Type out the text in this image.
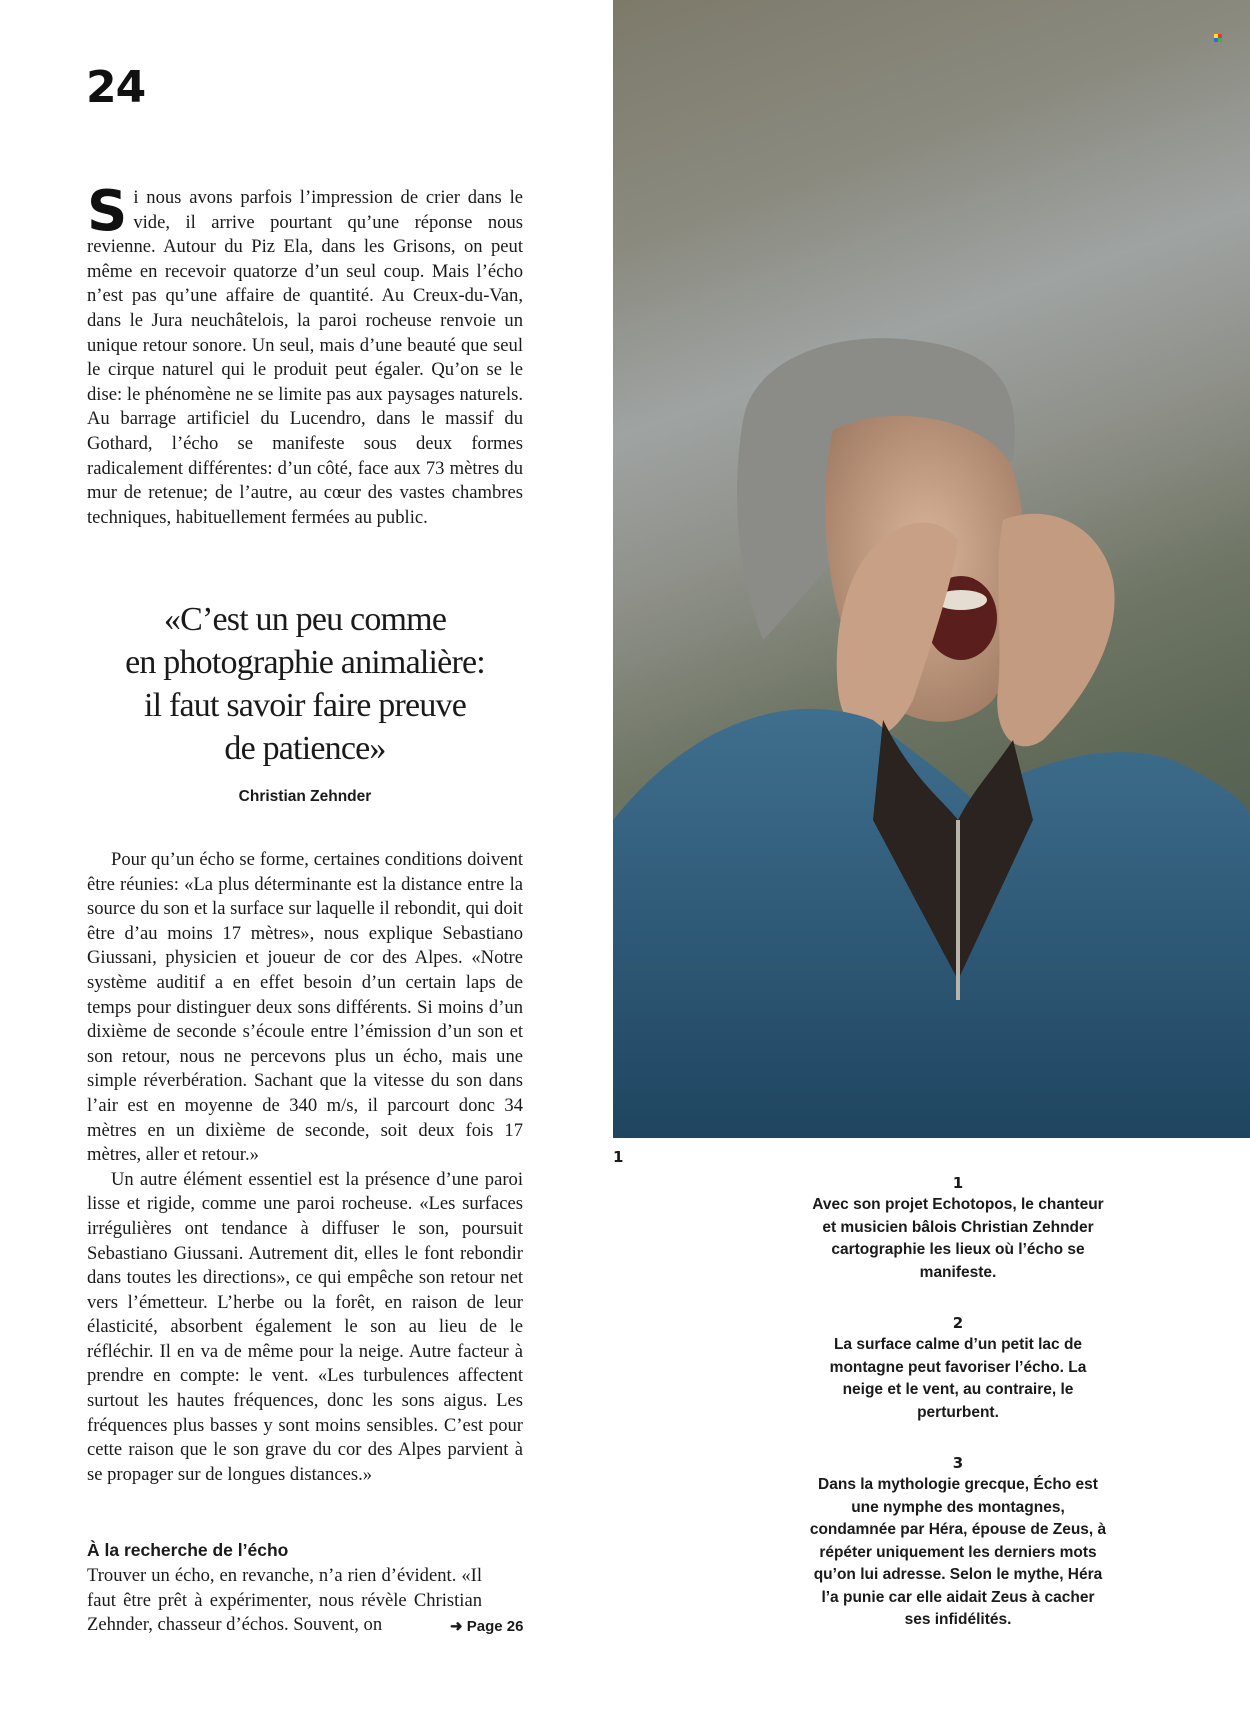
24

Si nous avons parfois l’impression de crier dans le vide, il arrive pourtant qu’une réponse nous revienne. Autour du Piz Ela, dans les Grisons, on peut même en recevoir quatorze d’un seul coup. Mais l’écho n’est pas qu’une affaire de quantité. Au Creux-du-Van, dans le Jura neuchâtelois, la paroi rocheuse renvoie un unique retour sonore. Un seul, mais d’une beauté que seul le cirque naturel qui le produit peut égaler. Qu’on se le dise: le phénomène ne se limite pas aux paysages naturels. Au barrage artificiel du Lucendro, dans le massif du Gothard, l’écho se manifeste sous deux formes radicalement différentes: d’un côté, face aux 73 mètres du mur de retenue; de l’autre, au cœur des vastes chambres techniques, habituellement fermées au public.

«C’est un peu comme
en photographie animalière:
il faut savoir faire preuve
de patience»

Christian Zehnder

Pour qu’un écho se forme, certaines conditions doivent être réunies: «La plus déterminante est la distance entre la source du son et la surface sur laquelle il rebondit, qui doit être d’au moins 17 mètres», nous explique Sebastiano Giussani, physicien et joueur de cor des Alpes. «Notre système auditif a en effet besoin d’un certain laps de temps pour distinguer deux sons différents. Si moins d’un dixième de seconde s’écoule entre l’émission d’un son et son retour, nous ne percevons plus un écho, mais une simple réverbération. Sachant que la vitesse du son dans l’air est en moyenne de 340 m/s, il parcourt donc 34 mètres en un dixième de seconde, soit deux fois 17 mètres, aller et retour.»

Un autre élément essentiel est la présence d’une paroi lisse et rigide, comme une paroi rocheuse. «Les surfaces irrégulières ont tendance à diffuser le son, poursuit Sebastiano Giussani. Autrement dit, elles le font rebondir dans toutes les directions», ce qui empêche son retour net vers l’émetteur. L’herbe ou la forêt, en raison de leur élasticité, absorbent également le son au lieu de le réfléchir. Il en va de même pour la neige. Autre facteur à prendre en compte: le vent. «Les turbulences affectent surtout les hautes fréquences, donc les sons aigus. Les fréquences plus basses y sont moins sensibles. C’est pour cette raison que le son grave du cor des Alpes parvient à se propager sur de longues distances.»

À la recherche de l’écho

Trouver un écho, en revanche, n’a rien d’évident. «Il faut être prêt à expérimenter, nous révèle Christian Zehnder, chasseur d’échos. Souvent, on	➜ Page 26
1
1
Avec son projet Echotopos, le chanteur et musicien bâlois Christian Zehnder cartographie les lieux où l’écho se manifeste.
2
La surface calme d’un petit lac de montagne peut favoriser l’écho. La neige et le vent, au contraire, le perturbent.
3
Dans la mythologie grecque, Écho est une nymphe des montagnes, condamnée par Héra, épouse de Zeus, à répéter uniquement les derniers mots qu’on lui adresse. Selon le mythe, Héra l’a punie car elle aidait Zeus à cacher ses infidélités.
